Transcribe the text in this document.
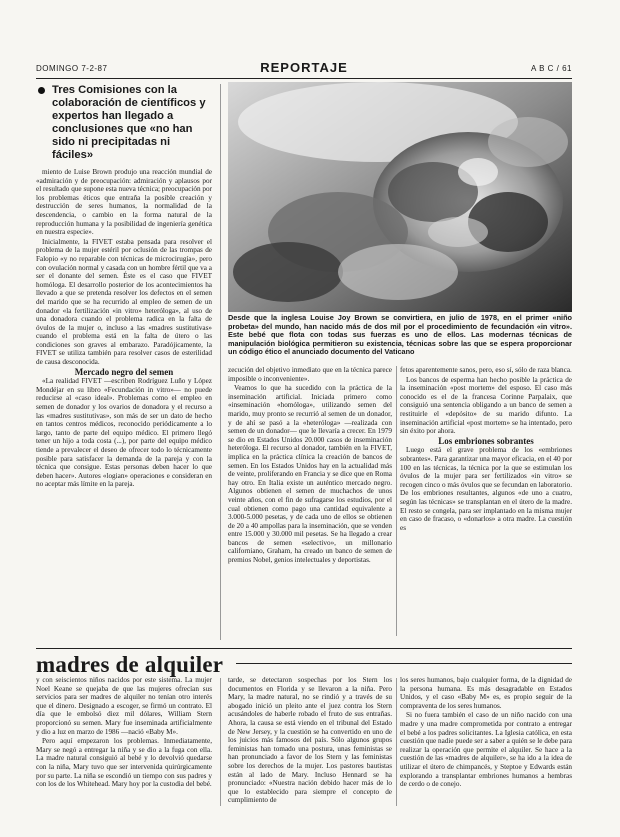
DOMINGO 7-2-87	REPORTAJE	A B C / 61
Tres Comisiones con la colaboración de científicos y expertos han llegado a conclusiones que «no han sido ni precipitadas ni fáciles»

miento de Luise Brown produjo una reacción mundial de «admiración y de preocupación: admiración y aplausos por el resultado que supone esta nueva técnica; preocupación por los problemas éticos que entraña la posible creación y destrucción de seres humanos, la normalidad de la descendencia, o cambio en la forma natural de la reproducción humana y la posibilidad de ingeniería genética en nuestra especie».

Inicialmente, la FIVET estaba pensada para resolver el problema de la mujer estéril por oclusión de las trompas de Falopio «y no reparable con técnicas de microcirugía», pero con ovulación normal y casada con un hombre fértil que va a ser el donante del semen. Éste es el caso que FIVET homóloga. El desarrollo posterior de los acontecimientos ha llevado a que se pretenda resolver los defectos en el semen del marido que se ha recurrido al empleo de semen de un donador «la fertilización «in vitro» heteróloga», al uso de una donadora cuando el problema radica en la falta de óvulos de la mujer o, incluso a las «madres sustitutivas» cuando el problema está en la falta de útero o las condiciones son graves al embarazo. Paradójicamente, la FIVET se utiliza también para resolver casos de esterilidad de causa desconocida.

Mercado negro del semen

«La realidad FIVET —escriben Rodríguez Luño y López Mondéjar en su libro «Fecundación in vitro»— no puede reducirse al «caso ideal». Problemas como el empleo en semen de donador y los ovarios de donadora y el recurso a las «madres sustitutivas», son más de ser un dato de hecho en tantos centros médicos, reconocido periódicamente a lo largo, tanto de parte del equipo médico. El primero llegó tener un hijo a toda costa (...), por parte del equipo médico tiende a prevalecer el deseo de ofrecer todo lo técnicamente posible para satisfacer la demanda de la pareja y con la técnica que consigue. Estas personas deben hacer lo que deben hacer». Autores «logian» operaciones e consideran en no aceptar más límite en la pareja.

Desde que la inglesa Louise Joy Brown se convirtiera, en julio de 1978, en el primer «niño probeta» del mundo, han nacido más de dos mil por el procedimiento de fecundación «in vitro». Este bebé que flota con todas sus fuerzas es uno de ellos. Las modernas técnicas de manipulación biológica permitieron su existencia, técnicas sobre las que se espera proporcionar un código ético el anunciado documento del Vaticano

zecución del objetivo inmediato que en la técnica parece imposible o inconveniente».

Veamos lo que ha sucedido con la práctica de la inseminación artificial. Iniciada primero como «inseminación «homóloga», utilizando semen del marido, muy pronto se recurrió al semen de un donador, y de ahí se pasó a la «heteróloga» —realizada con semen de un donador— que le llevaría a crecer. En 1979 se dio en Estados Unidos 20.000 casos de inseminación heteróloga. El recurso al donador, también en la FIVET, implica en la práctica clínica la creación de bancos de semen. En los Estados Unidos hay en la actualidad más de veinte, proliferando en Francia y se dice que en Roma hay otro. En Italia existe un auténtico mercado negro. Algunos obtienen el semen de muchachos de unos veinte años, con el fin de sufragarse los estudios, por el cual obtienen como pago una cantidad equivalente a 3.000-5.000 pesetas, y de cada uno de ellos se obtienen de 20 a 40 ampollas para la inseminación, que se venden entre 15.000 y 30.000 mil pesetas. Se ha llegado a crear bancos de semen «selectivo», un millonario californiano, Graham, ha creado un banco de semen de premios Nobel, genios intelectuales y deportistas.

fetos aparentemente sanos, pero, eso sí, sólo de raza blanca.

Los bancos de esperma han hecho posible la práctica de la inseminación «post mortem» del esposo. El caso más conocido es el de la francesa Corinne Parpalaix, que consiguió una sentencia obligando a un banco de semen a restituirle el «depósito» de su marido difunto. La inseminación artificial «post mortem» se ha intentado, pero sin éxito por ahora.

Los embriones sobrantes

Luego está el grave problema de los «embriones sobrantes». Para garantizar una mayor eficacia, en el 40 por 100 en las técnicas, la técnica por la que se estimulan los óvulos de la mujer para ser fertilizados «in vitro» se recogen cinco o más óvulos que se fecundan en laboratorio. De los embriones resultantes, algunos «de uno a cuatro, según las técnicas» se transplantan en el útero de la madre. El resto se congela, para ser implantado en la misma mujer en caso de fracaso, o «donarlos» a otra madre. La cuestión es

madres de alquiler

y con seiscientos niños nacidos por este sistema. La mujer Noel Keane se quejaba de que las mujeres ofrecían sus servicios para ser madres de alquiler no tenían otro interés que el dinero. Designado a escoger, se firmó un contrato. El día que le embolsó diez mil dólares, William Stern proporcionó su semen. Mary fue inseminada artificialmente y dio a luz en marzo de 1986 —nació «Baby M».

Pero aquí empezaron los problemas. Inmediatamente, Mary se negó a entregar la niña y se dio a la fuga con ella. La madre natural consiguió al bebé y lo devolvió quedarse con la niña, Mary tuvo que ser intervenida quirúrgicamente por su parte. La niña se escondió un tiempo con sus padres y con los de los Whitehead. Mary hoy por la custodia del bebé.

tarde, se detectaron sospechas por los Stern los documentos en Florida y se llevaron a la niña. Pero Mary, la madre natural, no se rindió y a través de su abogado inició un pleito ante el juez contra los Stern acusándoles de haberle robado el fruto de sus entrañas. Ahora, la causa se está viendo en el tribunal del Estado de New Jersey, y la cuestión se ha convertido en uno de los juicios más famosos del país. Sólo algunos grupos feministas han tomado una postura, unas feministas se han pronunciado a favor de los Stern y las feministas sobre los derechos de la mujer. Los pastores bautistas están al lado de Mary. Incluso Hennard se ha pronunciado: «Nuestra nación debido hacer más de lo que lo establecido para siempre el concepto de cumplimiento de

los seres humanos, bajo cualquier forma, de la dignidad de la persona humana. Es más desagradable en Estados Unidos, y el caso «Baby M» es, es propio seguir de la compraventa de los seres humanos.

Si no fuera también el caso de un niño nacido con una madre y una madre comprometida por contrato a entregar el bebé a los padres solicitantes. La Iglesia católica, en esta cuestión que nadie puede ser a saber a quién se le debe para realizar la operación que permite el alquiler. Se hace a la cuestión de las «madres de alquiler», se ha ido a la idea de utilizar el útero de chimpancés, y Steptoe y Edwards están explorando a transplantar embriones humanos a hembras de cerdo o de conejo.
